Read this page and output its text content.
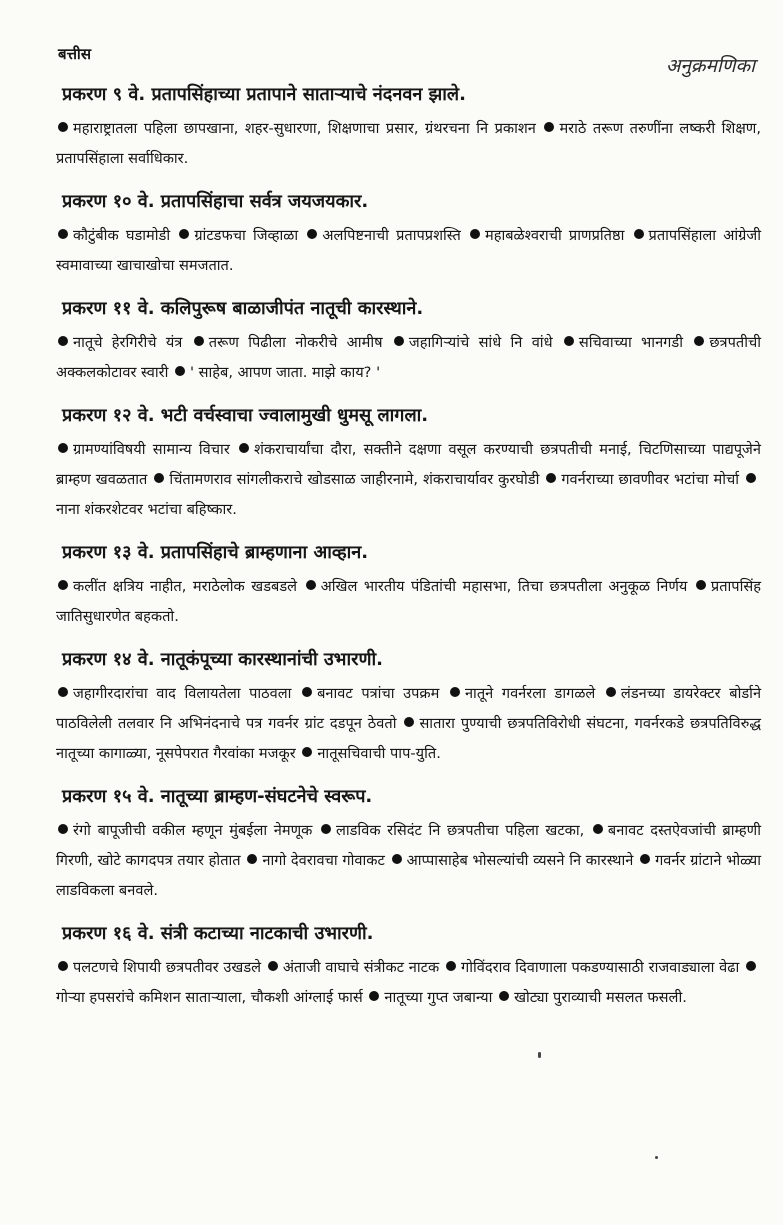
बत्तीस
अनुक्रमणिका
प्रकरण ९ वे. प्रतापसिंहाच्या प्रतापाने साताऱ्याचे नंदनवन झाले.

महाराष्ट्रातला पहिला छापखाना, शहर-सुधारणा, शिक्षणाचा प्रसार, ग्रंथरचना नि प्रकाशन मराठे तरूण तरुणींना लष्करी शिक्षण, प्रतापसिंहाला सर्वाधिकार.

प्रकरण १० वे. प्रतापसिंहाचा सर्वत्र जयजयकार.

कौटुंबीक घडामोडी ग्रांटडफचा जिव्हाळा अलपिष्टनाची प्रतापप्रशस्ति महाबळेश्वराची प्राणप्रतिष्ठा प्रतापसिंहाला आंग्रेजी स्वमावाच्या खाचाखोचा समजतात.

प्रकरण ११ वे. कलिपुरूष बाळाजीपंत नातूची कारस्थाने.

नातूचे हेरगिरीचे यंत्र तरूण पिढीला नोकरीचे आमीष जहागिऱ्यांचे सांधे नि वांधे सचिवाच्या भानगडी छत्रपतीची अक्कलकोटावर स्वारी ' साहेब, आपण जाता. माझे काय? '

प्रकरण १२ वे. भटी वर्चस्वाचा ज्वालामुखी धुमसू लागला.

ग्रामण्यांविषयी सामान्य विचार शंकराचार्यांचा दौरा, सक्तीने दक्षणा वसूल करण्याची छत्रपतीची मनाई, चिटणिसाच्या पाद्यपूजेने ब्राम्हण खवळतात चिंतामणराव सांगलीकराचे खोडसाळ जाहीरनामे, शंकराचार्यावर कुरघोडी गवर्नराच्या छावणीवर भटांचा मोर्चा नाना शंकरशेटवर भटांचा बहिष्कार.

प्रकरण १३ वे. प्रतापसिंहाचे ब्राम्हणाना आव्हान.

कलींत क्षत्रिय नाहीत, मराठेलोक खडबडले अखिल भारतीय पंडितांची महासभा, तिचा छत्रपतीला अनुकूळ निर्णय प्रतापसिंह जातिसुधारणेत बहकतो.

प्रकरण १४ वे. नातूकंपूच्या कारस्थानांची उभारणी.

जहागीरदारांचा वाद विलायतेला पाठवला बनावट पत्रांचा उपक्रम नातूने गवर्नरला डागळले लंडनच्या डायरेक्टर बोर्डाने पाठविलेली तलवार नि अभिनंदनाचे पत्र गवर्नर ग्रांट दडपून ठेवतो सातारा पुण्याची छत्रपतिविरोधी संघटना, गवर्नरकडे छत्रपतिविरुद्ध नातूच्या कागाळ्या, नूसपेपरात गैरवांका मजकूर नातूसचिवाची पाप-युति.

प्रकरण १५ वे. नातूच्या ब्राम्हण-संघटनेचे स्वरूप.

रंगो बापूजीची वकील म्हणून मुंबईला नेमणूक लाडविक रसिदंट नि छत्रपतीचा पहिला खटका, बनावट दस्तऐवजांची ब्राम्हणी गिरणी, खोटे कागदपत्र तयार होतात नागो देवरावचा गोवाकट आप्पासाहेब भोसल्यांची व्यसने नि कारस्थाने गवर्नर ग्रांटाने भोळ्या लाडविकला बनवले.

प्रकरण १६ वे. संत्री कटाच्या नाटकाची उभारणी.

पलटणचे शिपायी छत्रपतीवर उखडले अंताजी वाघाचे संत्रीकट नाटक गोविंदराव दिवाणाला पकडण्यासाठी राजवाड्याला वेढा गोऱ्या हपसरांचे कमिशन साताऱ्याला, चौकशी आंग्लाई फार्स नातूच्या गुप्त जबान्या खोट्या पुराव्याची मसलत फसली.
